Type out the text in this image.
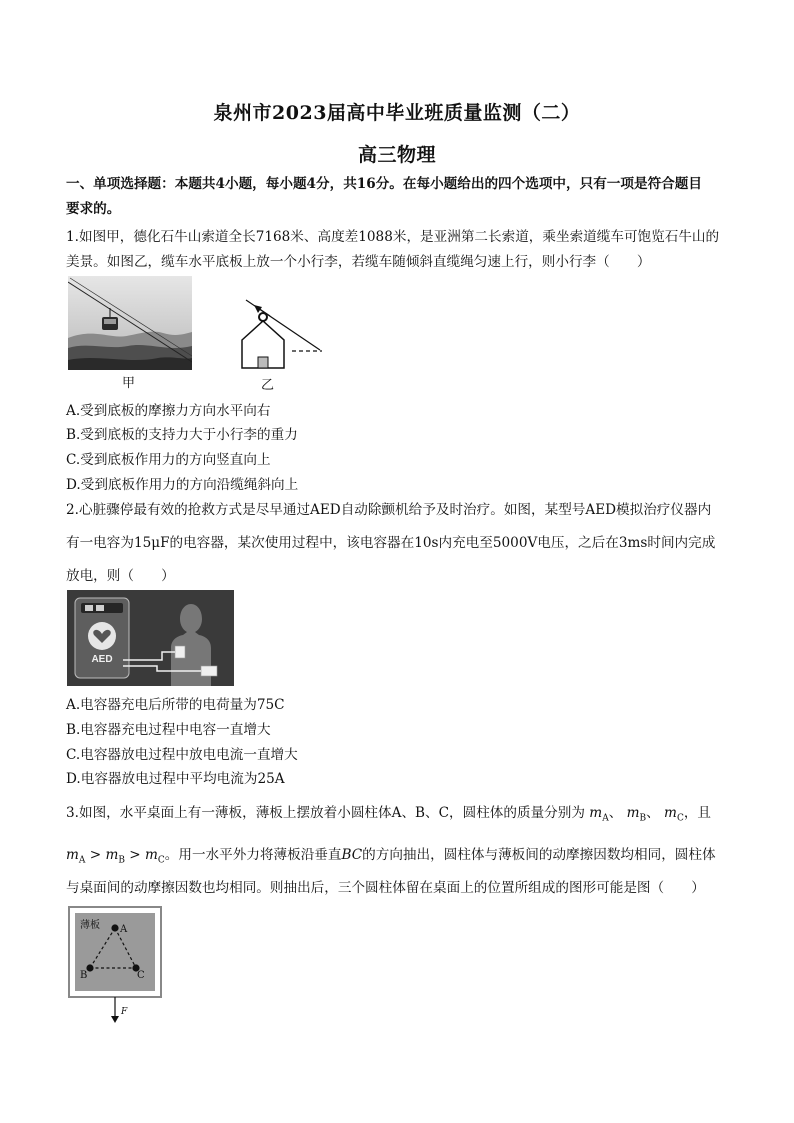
泉州市2023届高中毕业班质量监测（二）
高三物理
一、单项选择题：本题共4小题，每小题4分，共16分。在每小题给出的四个选项中，只有一项是符合题目
要求的。
1.如图甲，德化石牛山索道全长7168米、高度差1088米，是亚洲第二长索道，乘坐索道缆车可饱览石牛山的
美景。如图乙，缆车水平底板上放一个小行李，若缆车随倾斜直缆绳匀速上行，则小行李（　　）
甲	乙
A.受到底板的摩擦力方向水平向右
B.受到底板的支持力大于小行李的重力
C.受到底板作用力的方向竖直向上
D.受到底板作用力的方向沿缆绳斜向上
2.心脏骤停最有效的抢救方式是尽早通过AED自动除颤机给予及时治疗。如图，某型号AED模拟治疗仪器内
有一电容为15μF的电容器，某次使用过程中，该电容器在10s内充电至5000V电压，之后在3ms时间内完成
放电，则（　　）
AED
A.电容器充电后所带的电荷量为75C
B.电容器充电过程中电容一直增大
C.电容器放电过程中放电电流一直增大
D.电容器放电过程中平均电流为25A
3.如图，水平桌面上有一薄板，薄板上摆放着小圆柱体A、B、C，圆柱体的质量分别为 $m_A$、 $m_B$、 $m_C$，且
$m_A > m_B > m_C$。用一水平外力将薄板沿垂直BC的方向抽出，圆柱体与薄板间的动摩擦因数均相同，圆柱体
与桌面间的动摩擦因数也均相同。则抽出后，三个圆柱体留在桌面上的位置所组成的图形可能是图（　　）
薄板 A
B	C
F
